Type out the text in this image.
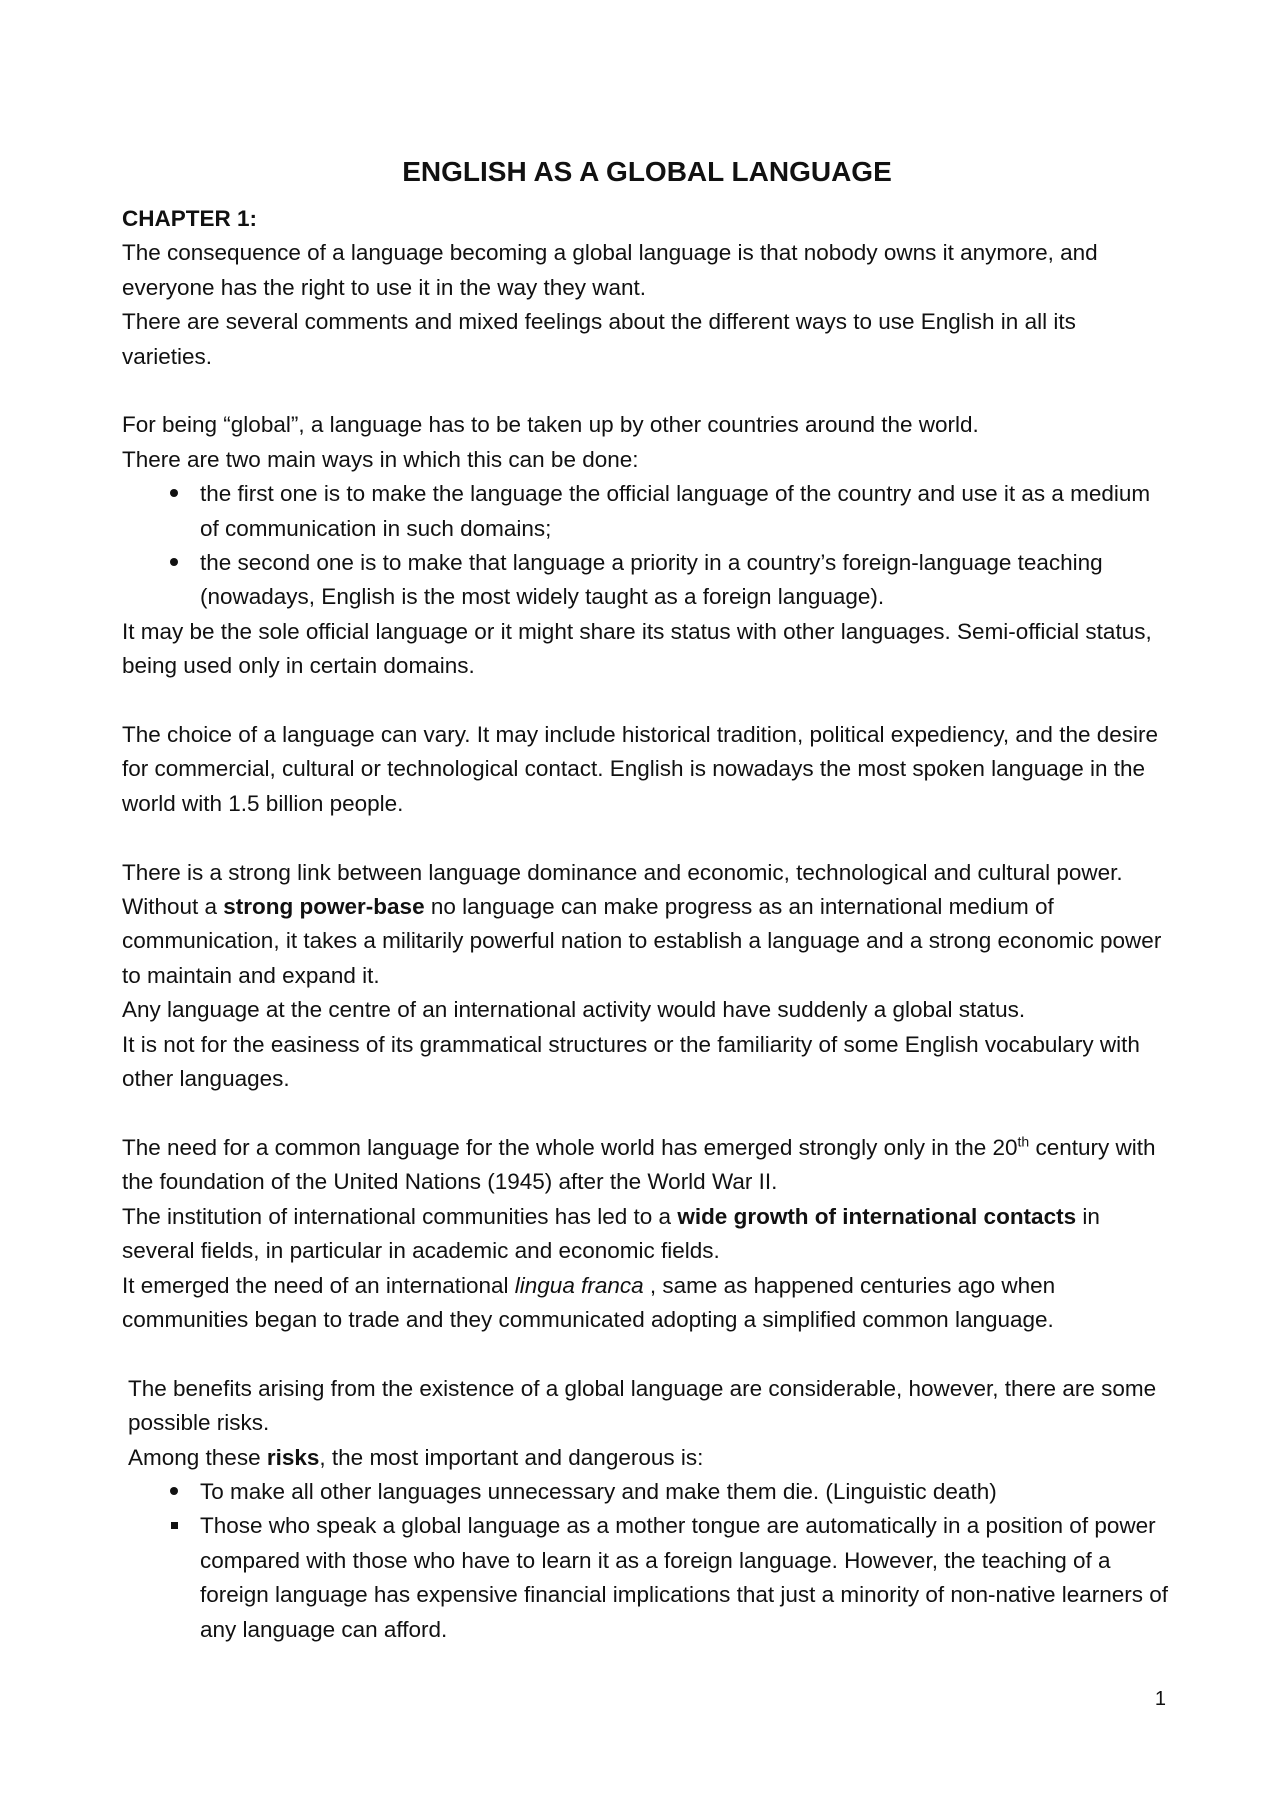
ENGLISH AS A GLOBAL LANGUAGE

CHAPTER 1:

The consequence of a language becoming a global language is that nobody owns it anymore, and everyone has the right to use it in the way they want.

There are several comments and mixed feelings about the different ways to use English in all its varieties.

For being “global”, a language has to be taken up by other countries around the world.

There are two main ways in which this can be done:

the first one is to make the language the official language of the country and use it as a medium of communication in such domains;
the second one is to make that language a priority in a country’s foreign-language teaching (nowadays, English is the most widely taught as a foreign language).

It may be the sole official language or it might share its status with other languages. Semi-official status, being used only in certain domains.

The choice of a language can vary. It may include historical tradition, political expediency, and the desire for commercial, cultural or technological contact. English is nowadays the most spoken language in the world with 1.5 billion people.

There is a strong link between language dominance and economic, technological and cultural power. Without a strong power-base no language can make progress as an international medium of communication, it takes a militarily powerful nation to establish a language and a strong economic power to maintain and expand it.

Any language at the centre of an international activity would have suddenly a global status.

It is not for the easiness of its grammatical structures or the familiarity of some English vocabulary with other languages.

The need for a common language for the whole world has emerged strongly only in the 20th century with the foundation of the United Nations (1945) after the World War II.

The institution of international communities has led to a wide growth of international contacts in several fields, in particular in academic and economic fields.

It emerged the need of an international lingua franca , same as happened centuries ago when communities began to trade and they communicated adopting a simplified common language.

The benefits arising from the existence of a global language are considerable, however, there are some possible risks.

Among these risks, the most important and dangerous is:

To make all other languages unnecessary and make them die. (Linguistic death)
Those who speak a global language as a mother tongue are automatically in a position of power compared with those who have to learn it as a foreign language. However, the teaching of a foreign language has expensive financial implications that just a minority of non-native learners of any language can afford.
1
